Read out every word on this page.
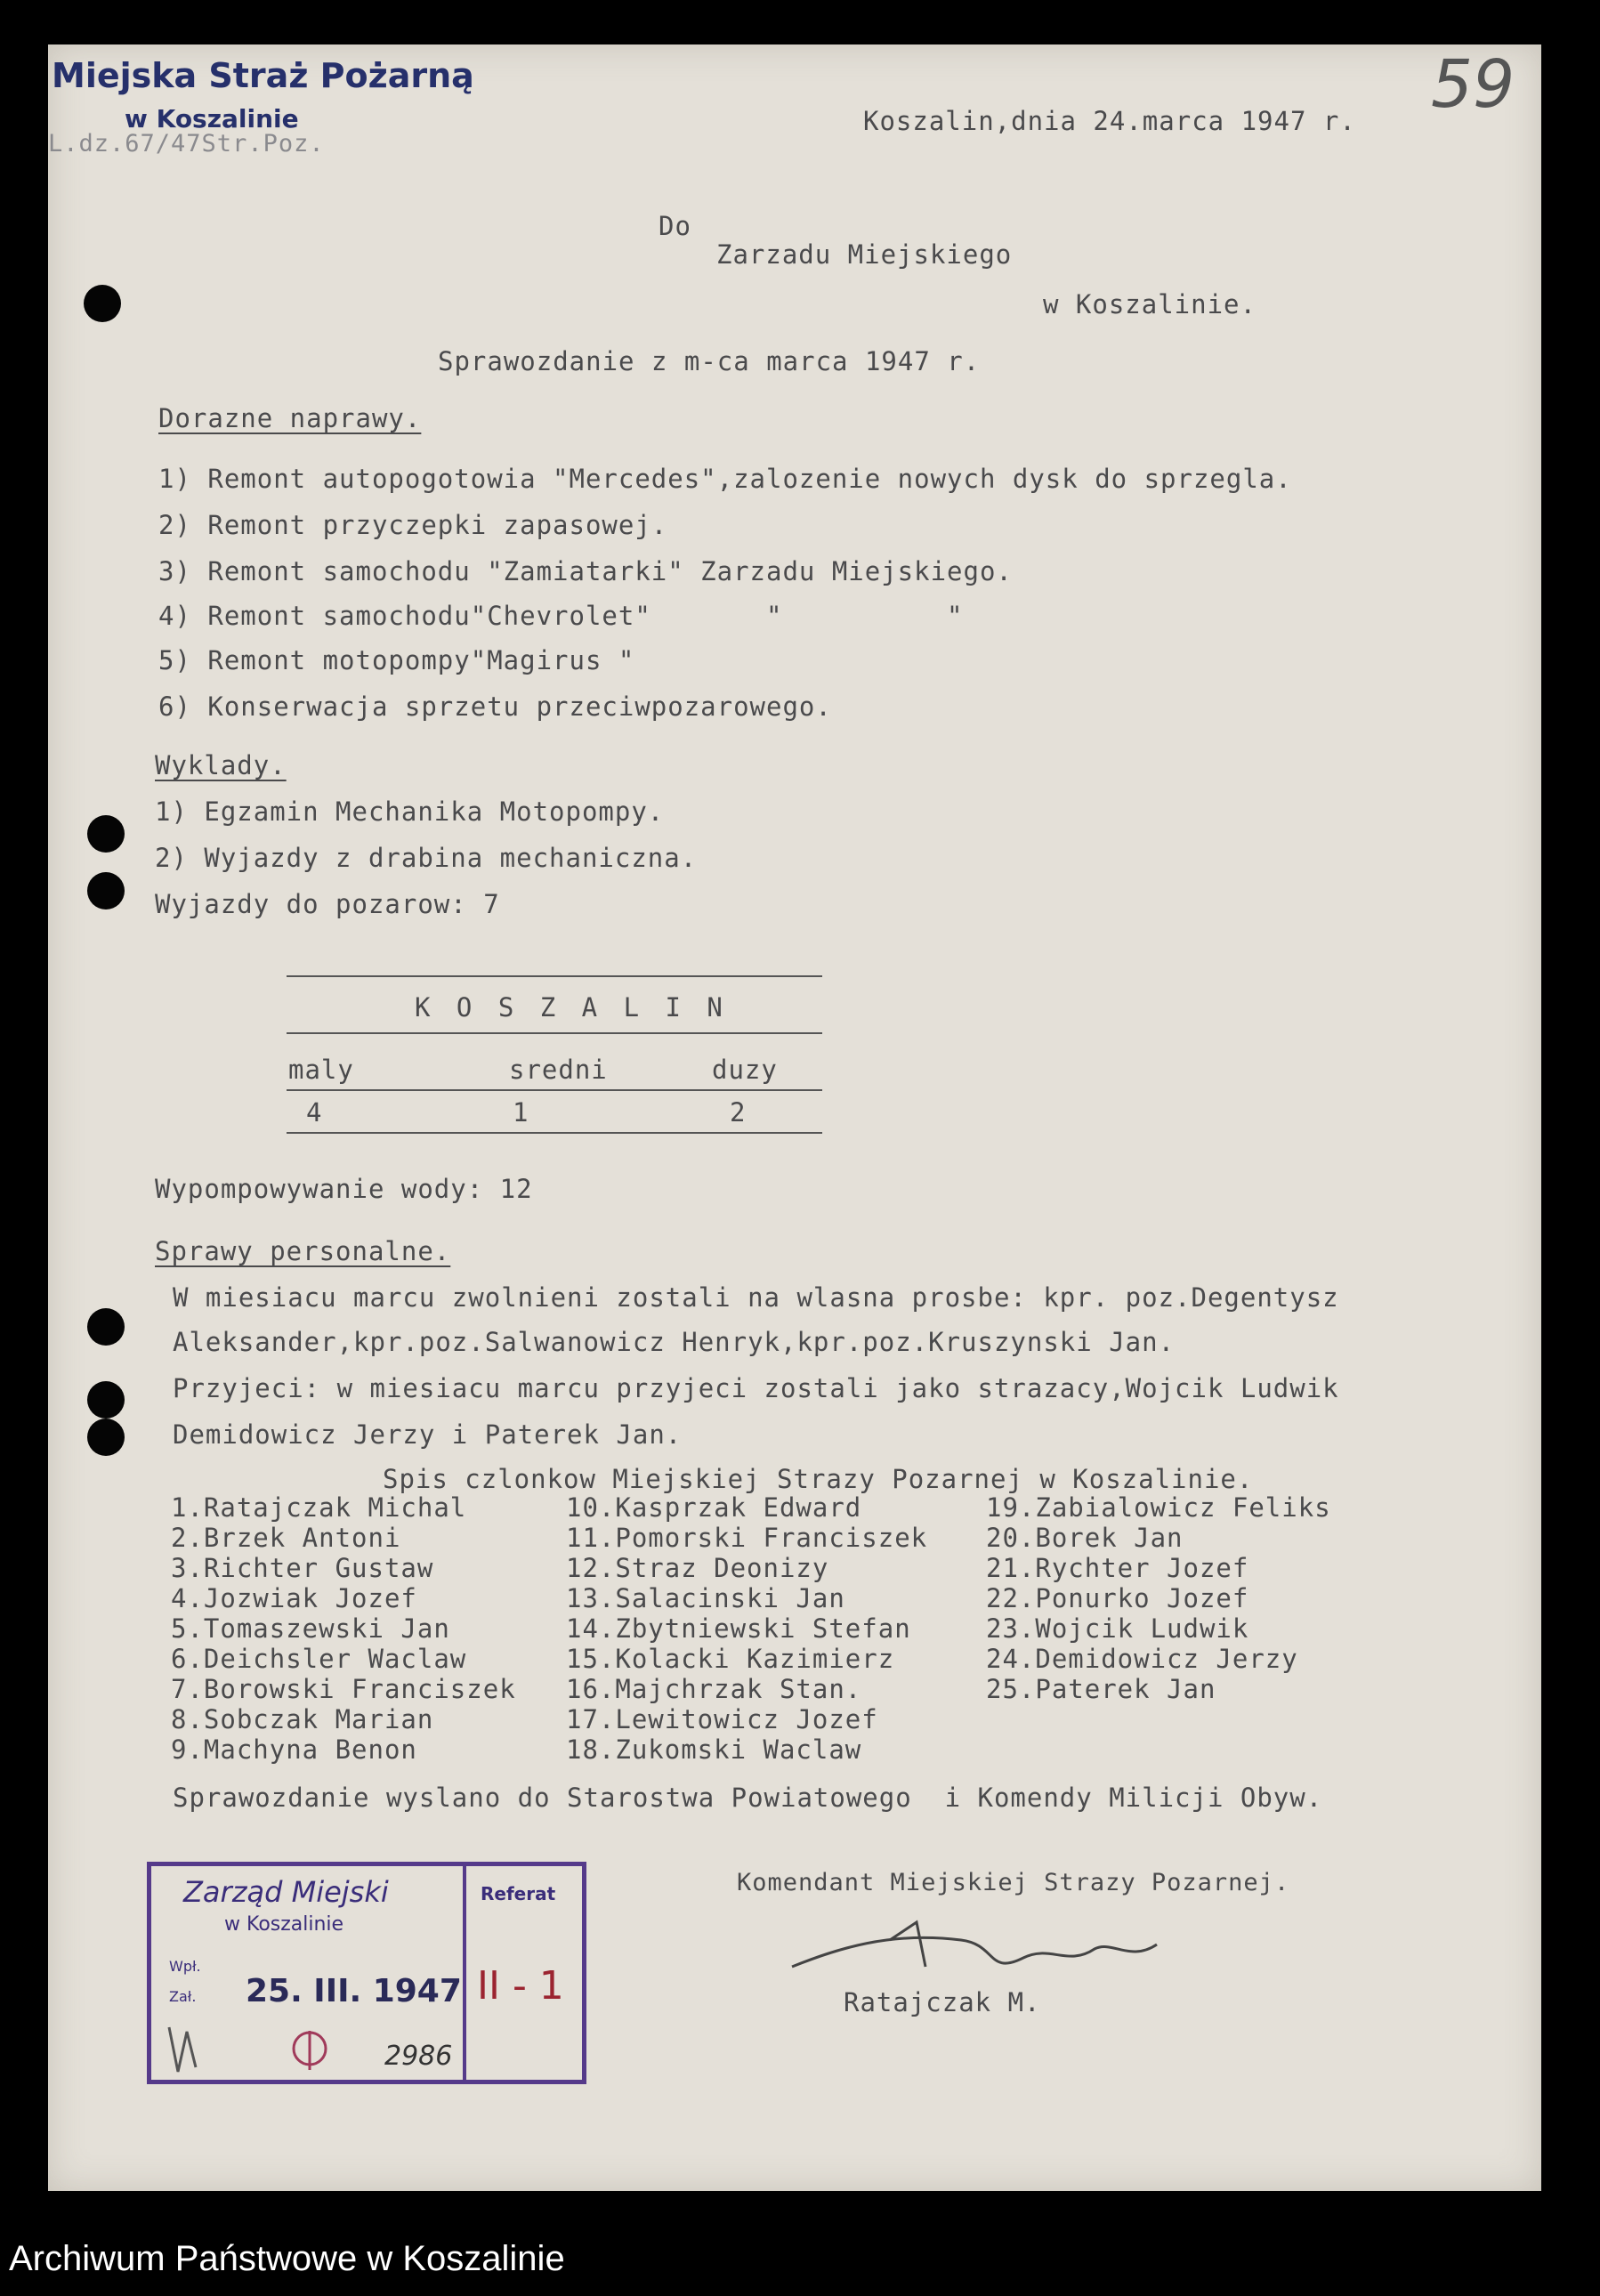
Miejska Straż Pożarną
w Koszalinie
L.dz.67/47Str.Poz.
Koszalin,dnia 24.marca 1947 r. 59
Do
Zarzadu Miejskiego
w Koszalinie.
Sprawozdanie z m-ca marca 1947 r.
Dorazne naprawy.
1) Remont autopogotowia "Mercedes",zalozenie nowych dysk do sprzegla.
2) Remont przyczepki zapasowej.
3) Remont samochodu "Zamiatarki" Zarzadu Miejskiego.
4) Remont samochodu"Chevrolet"       "          "
5) Remont motopompy"Magirus "
6) Konserwacja sprzetu przeciwpozarowego.
Wyklady.
1) Egzamin Mechanika Motopompy.
2) Wyjazdy z drabina mechaniczna.
Wyjazdy do pozarow: 7
K O S Z A L I N
maly	sredni	duzy
4	1	2
Wypompowywanie wody: 12
Sprawy personalne.
W miesiacu marcu zwolnieni zostali na wlasna prosbe: kpr. poz.Degentysz
Aleksander,kpr.poz.Salwanowicz Henryk,kpr.poz.Kruszynski Jan.
Przyjeci: w miesiacu marcu przyjeci zostali jako strazacy,Wojcik Ludwik
Demidowicz Jerzy i Paterek Jan.
Spis czlonkow Miejskiej Strazy Pozarnej w Koszalinie.
1.Ratajczak Michal
2.Brzek Antoni
3.Richter Gustaw
4.Jozwiak Jozef
5.Tomaszewski Jan
6.Deichsler Waclaw
7.Borowski Franciszek
8.Sobczak Marian
9.Machyna Benon
10.Kasprzak Edward
11.Pomorski Franciszek
12.Straz Deonizy
13.Salacinski Jan
14.Zbytniewski Stefan
15.Kolacki Kazimierz
16.Majchrzak Stan.
17.Lewitowicz Jozef
18.Zukomski Waclaw
19.Zabialowicz Feliks
20.Borek Jan
21.Rychter Jozef
22.Ponurko Jozef
23.Wojcik Ludwik
24.Demidowicz Jerzy
25.Paterek Jan
Sprawozdanie wyslano do Starostwa Powiatowego  i Komendy Milicji Obyw.
Komendant Miejskiej Strazy Pozarnej.
Ratajczak M.
Zarząd Miejski
w Koszalinie
Referat
II - 1
Wpł.
Zał. 25. III. 1947
2986
Archiwum Państwowe w Koszalinie
